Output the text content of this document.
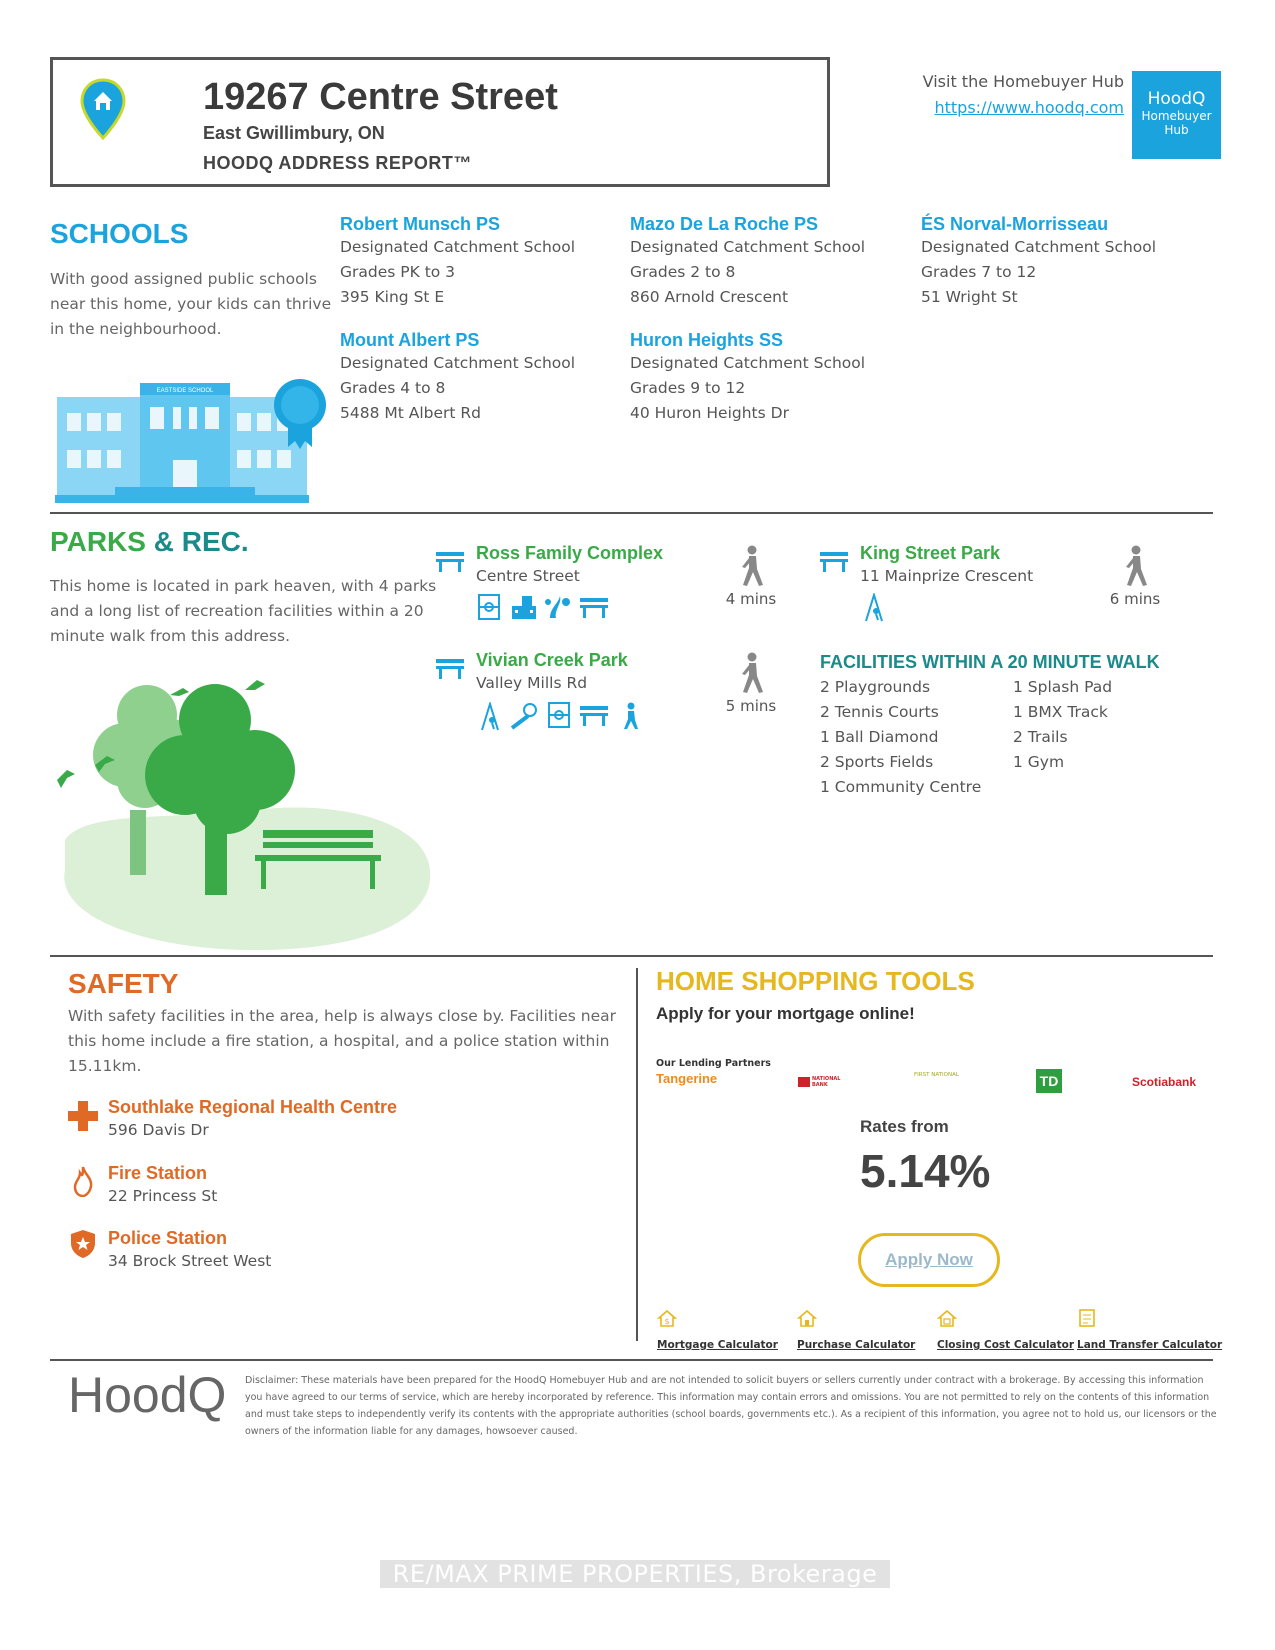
19267 Centre Street
East Gwillimbury, ON
HOODQ ADDRESS REPORT™
Visit the Homebuyer Hub
https://www.hoodq.com	HoodQ
Homebuyer
Hub
SCHOOLS
With good assigned public schools near this home, your kids can thrive in the neighbourhood.
EASTSIDE SCHOOL
Robert Munsch PS
Designated Catchment School
Grades PK to 3
395 King St E
Mazo De La Roche PS
Designated Catchment School
Grades 2 to 8
860 Arnold Crescent
ÉS Norval-Morrisseau
Designated Catchment School
Grades 7 to 12
51 Wright St
Mount Albert PS
Designated Catchment School
Grades 4 to 8
5488 Mt Albert Rd
Huron Heights SS
Designated Catchment School
Grades 9 to 12
40 Huron Heights Dr
PARKS & REC.
This home is located in park heaven, with 4 parks and a long list of recreation facilities within a 20 minute walk from this address.
Ross Family Complex
Centre Street
4 mins
King Street Park
11 Mainprize Crescent
6 mins
Vivian Creek Park
Valley Mills Rd
5 mins
FACILITIES WITHIN A 20 MINUTE WALK
2 Playgrounds
2 Tennis Courts
1 Ball Diamond
2 Sports Fields
1 Community Centre
1 Splash Pad
1 BMX Track
2 Trails
1 Gym
SAFETY
With safety facilities in the area, help is always close by. Facilities near this home include a fire station, a hospital, and a police station within 15.11km.
Southlake Regional Health Centre
596 Davis Dr
Fire Station
22 Princess St
Police Station
34 Brock Street West
HOME SHOPPING TOOLS
Apply for your mortgage online!
Our Lending Partners
Tangerine	NATIONAL BANK
FIRST NATIONAL	TD	Scotiabank
Rates from
5.14%
Apply Now
$
Mortgage Calculator Purchase Calculator Closing Cost Calculator Land Transfer Calculator
HoodQ Disclaimer: These materials have been prepared for the HoodQ Homebuyer Hub and are not intended to solicit buyers or sellers currently under contract with a brokerage. By accessing this information you have agreed to our terms of service, which are hereby incorporated by reference. This information may contain errors and omissions. You are not permitted to rely on the contents of this information and must take steps to independently verify its contents with the appropriate authorities (school boards, governments etc.). As a recipient of this information, you agree not to hold us, our licensors or the owners of the information liable for any damages, howsoever caused.
RE/MAX PRIME PROPERTIES, Brokerage
